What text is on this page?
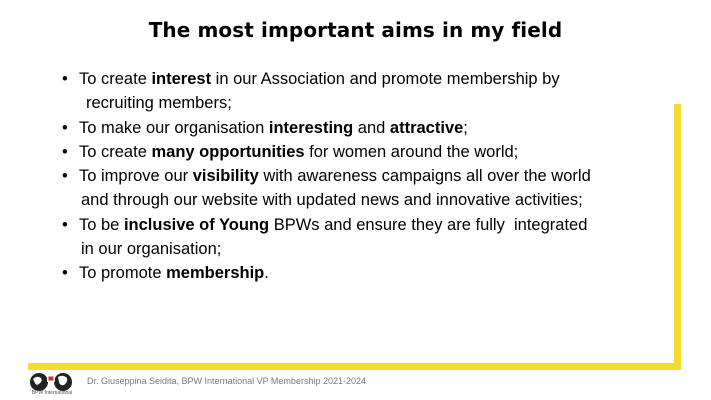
The most important aims in my field
• To create interest in our Association and promote membership by
recruiting members;
• To make our organisation interesting and attractive;
• To create many opportunities for women around the world;
• To improve our visibility with awareness campaigns all over the world
and through our website with updated news and innovative activities;
• To be inclusive of Young BPWs and ensure they are fully  integrated
in our organisation;
• To promote membership.
BPW International
Dr. Giuseppina Seidita, BPW International VP Membership 2021-2024
